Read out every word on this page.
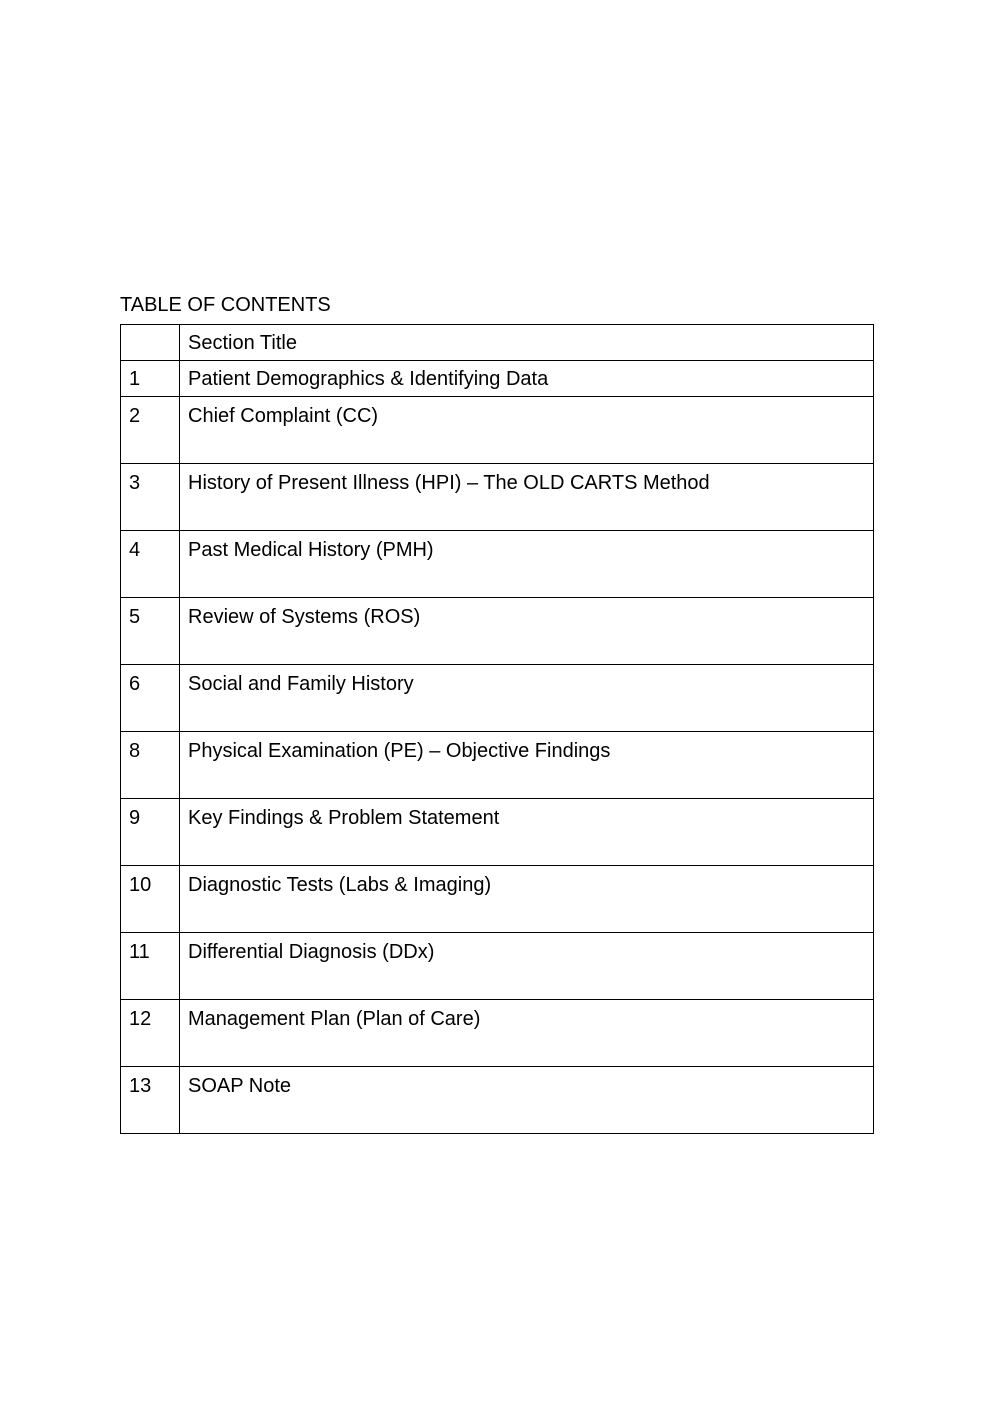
TABLE OF CONTENTS
	Section Title
1	Patient Demographics & Identifying Data
2	Chief Complaint (CC)
3	History of Present Illness (HPI) – The OLD CARTS Method
4	Past Medical History (PMH)
5	Review of Systems (ROS)
6	Social and Family History
8	Physical Examination (PE) – Objective Findings
9	Key Findings & Problem Statement
10	Diagnostic Tests (Labs & Imaging)
11	Differential Diagnosis (DDx)
12	Management Plan (Plan of Care)
13	SOAP Note
